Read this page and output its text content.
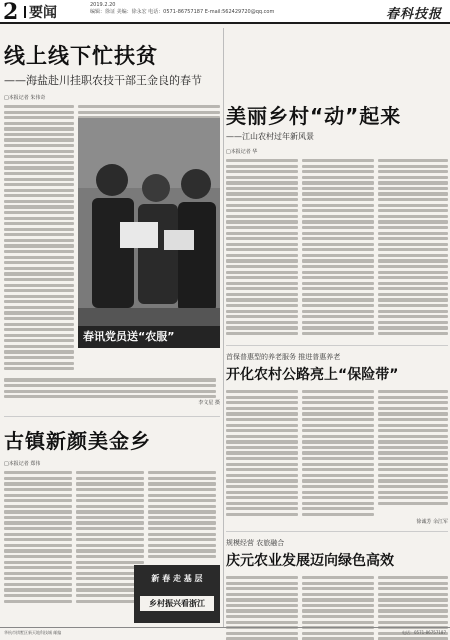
2 要闻	2019.2.20
编辑：徐证 美编：徐永宏 电话：0571-86757187 E-mail:562429720@qq.com	春科技报
线上线下忙扶贫
——海盐赴川挂职农技干部王金良的春节
□本报记者 朱伟奇
李文星 摄
古镇新颜美金乡
□本报记者 郑伟
春讯党员送“农服”
新 春 走 基 层
乡村振兴看浙江
美丽乡村“动”起来
——江山农村过年新风景
□本报记者 华
首保普惠型的养老服务 推进普惠养老
开化农村公路亮上“保险带”
徐诚芳 余江军
规模经营 农旅融合
庆元农业发展迈向绿色高效
华杭市拱墅区新天地科技城 邮编	电话：0571-86757187
